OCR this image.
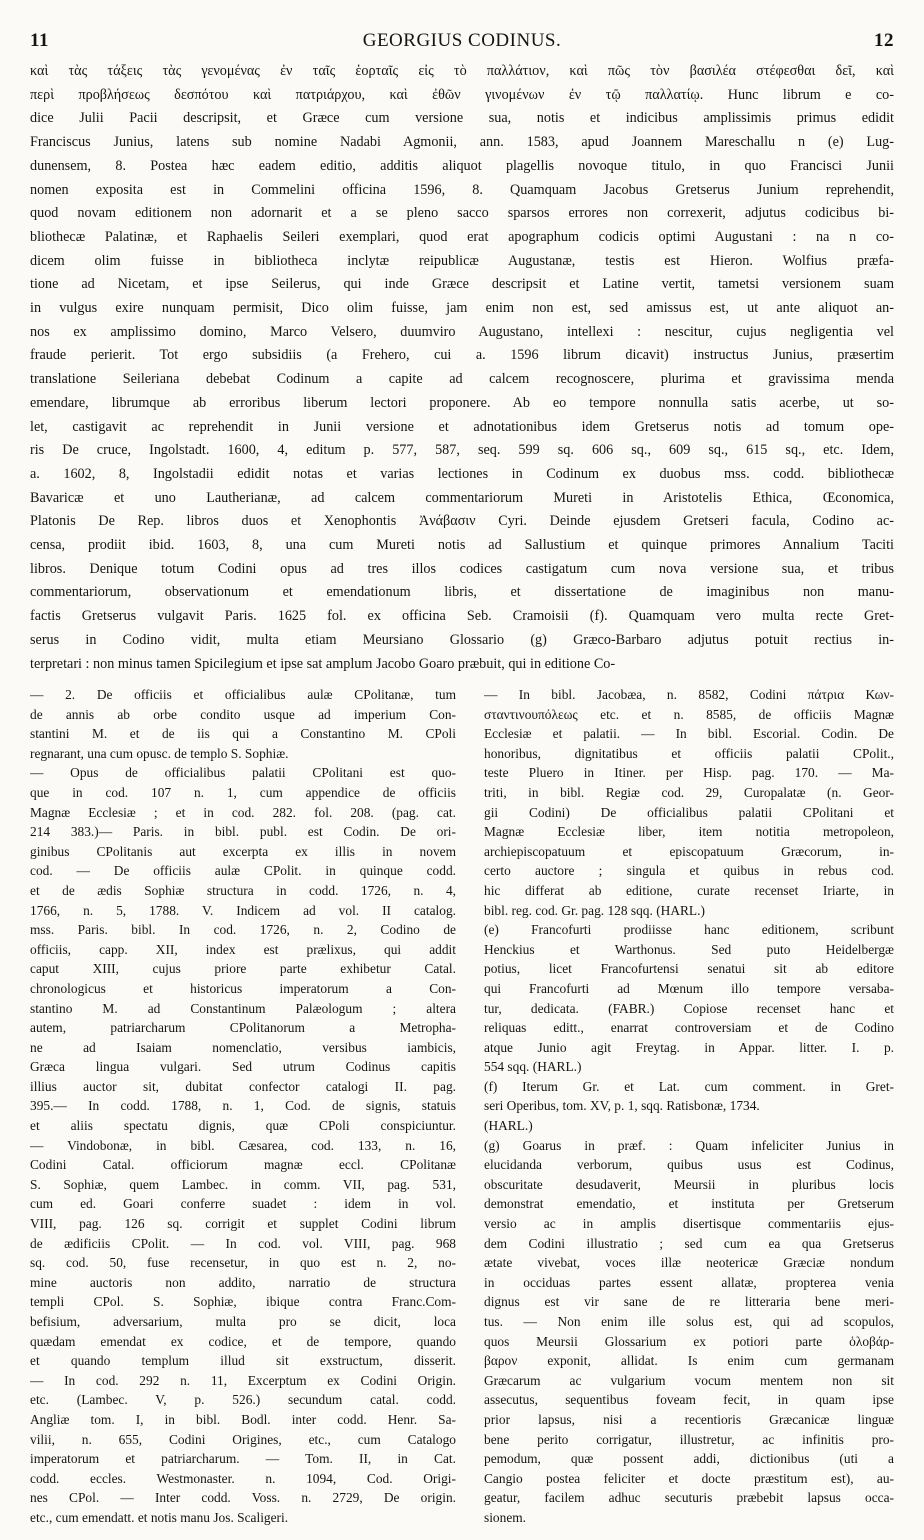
11	GEORGIUS CODINUS.	12
καὶ τὰς τάξεις τὰς γενομένας ἐν ταῖς ἑορταῖς εἰς τὸ παλλάτιον, καὶ πῶς τὸν βασιλέα στέφεσθαι δεῖ, καὶ
περὶ προβλήσεως δεσπότου καὶ πατριάρχου, καὶ ἐθῶν γινομένων ἐν τῷ παλλατίῳ. Hunc librum e co-
dice Julii Pacii descripsit, et Græce cum versione sua, notis et indicibus amplissimis primus edidit
Franciscus Junius, latens sub nomine Nadabi Agmonii, ann. 1583, apud Joannem Mareschallu n (e) Lug-
dunensem, 8. Postea hæc eadem editio, additis aliquot plagellis novoque titulo, in quo Francisci Junii
nomen exposita est in Commelini officina 1596, 8. Quamquam Jacobus Gretserus Junium reprehendit,
quod novam editionem non adornarit et a se pleno sacco sparsos errores non correxerit, adjutus codicibus bi-
bliothecæ Palatinæ, et Raphaelis Seileri exemplari, quod erat apographum codicis optimi Augustani : na n co-
dicem olim fuisse in bibliotheca inclytæ reipublicæ Augustanæ, testis est Hieron. Wolfius præfa-
tione ad Nicetam, et ipse Seilerus, qui inde Græce descripsit et Latine vertit, tametsi versionem suam
in vulgus exire nunquam permisit, Dico olim fuisse, jam enim non est, sed amissus est, ut ante aliquot an-
nos ex amplissimo domino, Marco Velsero, duumviro Augustano, intellexi : nescitur, cujus negligentia vel
fraude perierit. Tot ergo subsidiis (a Frehero, cui a. 1596 librum dicavit) instructus Junius, præsertim
translatione Seileriana debebat Codinum a capite ad calcem recognoscere, plurima et gravissima menda
emendare, librumque ab erroribus liberum lectori proponere. Ab eo tempore nonnulla satis acerbe, ut so-
let, castigavit ac reprehendit in Junii versione et adnotationibus idem Gretserus notis ad tomum ope-
ris De cruce, Ingolstadt. 1600, 4, editum p. 577, 587, seq. 599 sq. 606 sq., 609 sq., 615 sq., etc. Idem,
a. 1602, 8, Ingolstadii edidit notas et varias lectiones in Codinum ex duobus mss. codd. bibliothecæ
Bavaricæ et uno Lautherianæ, ad calcem commentariorum Mureti in Aristotelis Ethica, Œconomica,
Platonis De Rep. libros duos et Xenophontis Ἀνάβασιν Cyri. Deinde ejusdem Gretseri facula, Codino ac-
censa, prodiit ibid. 1603, 8, una cum Mureti notis ad Sallustium et quinque primores Annalium Taciti
libros. Denique totum Codini opus ad tres illos codices castigatum cum nova versione sua, et tribus
commentariorum, observationum et emendationum libris, et dissertatione de imaginibus non manu-
factis Gretserus vulgavit Paris. 1625 fol. ex officina Seb. Cramoisii (f). Quamquam vero multa recte Gret-
serus in Codino vidit, multa etiam Meursiano Glossario (g) Græco-Barbaro adjutus potuit rectius in-
terpretari : non minus tamen Spicilegium et ipse sat amplum Jacobo Goaro præbuit, qui in editione Co-
— 2. De officiis et officialibus aulæ CPolitanæ, tum
de annis ab orbe condito usque ad imperium Con-
stantini M. et de iis qui a Constantino M. CPoli
regnarant, una cum opusc. de templo S. Sophiæ.
— Opus de officialibus palatii CPolitani est quo-
que in cod. 107 n. 1, cum appendice de officiis
Magnæ Ecclesiæ ; et in cod. 282. fol. 208. (pag. cat.
214 383.)— Paris. in bibl. publ. est Codin. De ori-
ginibus CPolitanis aut excerpta ex illis in novem
cod. — De officiis aulæ CPolit. in quinque codd.
et de ædis Sophiæ structura in codd. 1726, n. 4,
1766, n. 5, 1788. V. Indicem ad vol. II catalog.
mss. Paris. bibl. In cod. 1726, n. 2, Codino de
officiis, capp. XII, index est prælixus, qui addit
caput XIII, cujus priore parte exhibetur Catal.
chronologicus et historicus imperatorum a Con-
stantino M. ad Constantinum Palæologum ; altera
autem, patriarcharum CPolitanorum a Metropha-
ne ad Isaiam nomenclatio, versibus iambicis,
Græca lingua vulgari. Sed utrum Codinus capitis
illius auctor sit, dubitat confector catalogi II. pag.
395.— In codd. 1788, n. 1, Cod. de signis, statuis
et aliis spectatu dignis, quæ CPoli conspiciuntur.
— Vindobonæ, in bibl. Cæsarea, cod. 133, n. 16,
Codini Catal. officiorum magnæ eccl. CPolitanæ
S. Sophiæ, quem Lambec. in comm. VII, pag. 531,
cum ed. Goari conferre suadet : idem in vol.
VIII, pag. 126 sq. corrigit et supplet Codini librum
de ædificiis CPolit. — In cod. vol. VIII, pag. 968
sq. cod. 50, fuse recensetur, in quo est n. 2, no-
mine auctoris non addito, narratio de structura
templi CPol. S. Sophiæ, ibique contra Franc.Com-
befisium, adversarium, multa pro se dicit, loca
quædam emendat ex codice, et de tempore, quando
et quando templum illud sit exstructum, disserit.
— In cod. 292 n. 11, Excerptum ex Codini Origin.
etc. (Lambec. V, p. 526.) secundum catal. codd.
Angliæ tom. I, in bibl. Bodl. inter codd. Henr. Sa-
vilii, n. 655, Codini Origines, etc., cum Catalogo
imperatorum et patriarcharum. — Tom. II, in Cat.
codd. eccles. Westmonaster. n. 1094, Cod. Origi-
nes CPol. — Inter codd. Voss. n. 2729, De origin.
etc., cum emendatt. et notis manu Jos. Scaligeri.
— In bibl. Jacobæa, n. 8582, Codini πάτρια Κων-
σταντινουπόλεως etc. et n. 8585, de officiis Magnæ
Ecclesiæ et palatii. — In bibl. Escorial. Codin. De
honoribus, dignitatibus et officiis palatii CPolit.,
teste Pluero in Itiner. per Hisp. pag. 170. — Ma-
triti, in bibl. Regiæ cod. 29, Curopalatæ (n. Geor-
gii Codini) De officialibus palatii CPolitani et
Magnæ Ecclesiæ liber, item notitia metropoleon,
archiepiscopatuum et episcopatuum Græcorum, in-
certo auctore ; singula et quibus in rebus cod.
hic differat ab editione, curate recenset Iriarte, in
bibl. reg. cod. Gr. pag. 128 sqq. (HARL.)
(e) Francofurti prodiisse hanc editionem, scribunt
Henckius et Warthonus. Sed puto Heidelbergæ
potius, licet Francofurtensi senatui sit ab editore
qui Francofurti ad Mœnum illo tempore versaba-
tur, dedicata. (FABR.) Copiose recenset hanc et
reliquas editt., enarrat controversiam et de Codino
atque Junio agit Freytag. in Appar. litter. I. p.
554 sqq. (HARL.)
(f) Iterum Gr. et Lat. cum comment. in Gret-
seri Operibus, tom. XV, p. 1, sqq. Ratisbonæ, 1734.
(HARL.)
(g) Goarus in præf. : Quam infeliciter Junius in
elucidanda verborum, quibus usus est Codinus,
obscuritate desudaverit, Meursii in pluribus locis
demonstrat emendatio, et instituta per Gretserum
versio ac in amplis disertisque commentariis ejus-
dem Codini illustratio ; sed cum ea qua Gretserus
ætate vivebat, voces illæ neotericæ Græciæ nondum
in occiduas partes essent allatæ, propterea venia
dignus est vir sane de re litteraria bene meri-
tus. — Non enim ille solus est, qui ad scopulos,
quos Meursii Glossarium ex potiori parte ὁλοβάρ-
βαρον exponit, allidat. Is enim cum germanam
Græcarum ac vulgarium vocum mentem non sit
assecutus, sequentibus foveam fecit, in quam ipse
prior lapsus, nisi a recentioris Græcanicæ linguæ
bene perito corrigatur, illustretur, ac infinitis pro-
pemodum, quæ possent addi, dictionibus (uti a
Cangio postea feliciter et docte præstitum est), au-
geatur, facilem adhuc secuturis præbebit lapsus occa-
sionem.
